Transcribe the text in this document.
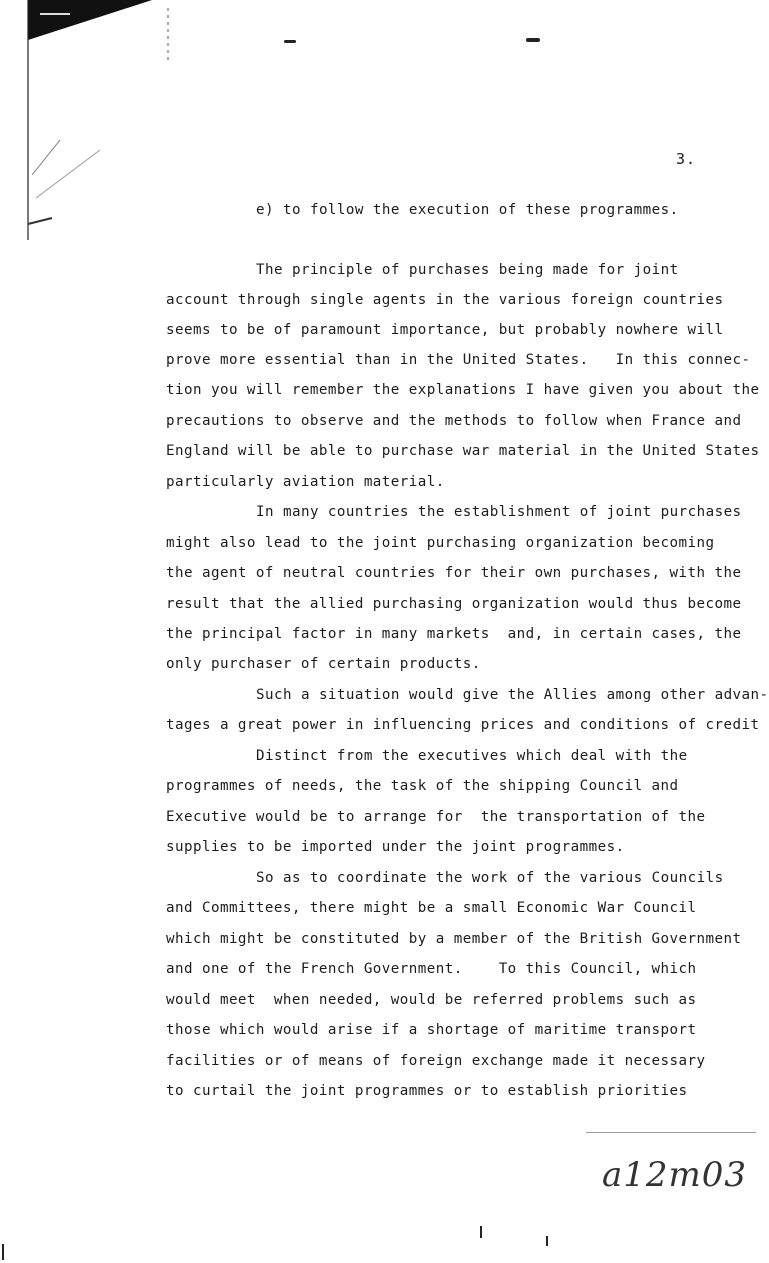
3.
e) to follow the execution of these programmes.
The principle of purchases being made for joint
account through single agents in the various foreign countries
seems to be of paramount importance, but probably nowhere will
prove more essential than in the United States.   In this connec-
tion you will remember the explanations I have given you about the
precautions to observe and the methods to follow when France and
England will be able to purchase war material in the United States
particularly aviation material.
In many countries the establishment of joint purchases
might also lead to the joint purchasing organization becoming
the agent of neutral countries for their own purchases, with the
result that the allied purchasing organization would thus become
the principal factor in many markets  and, in certain cases, the
only purchaser of certain products.
Such a situation would give the Allies among other advan-
tages a great power in influencing prices and conditions of credit
Distinct from the executives which deal with the
programmes of needs, the task of the shipping Council and
Executive would be to arrange for  the transportation of the
supplies to be imported under the joint programmes.
So as to coordinate the work of the various Councils
and Committees, there might be a small Economic War Council
which might be constituted by a member of the British Government
and one of the French Government.    To this Council, which
would meet  when needed, would be referred problems such as
those which would arise if a shortage of maritime transport
facilities or of means of foreign exchange made it necessary
to curtail the joint programmes or to establish priorities
a12m03
